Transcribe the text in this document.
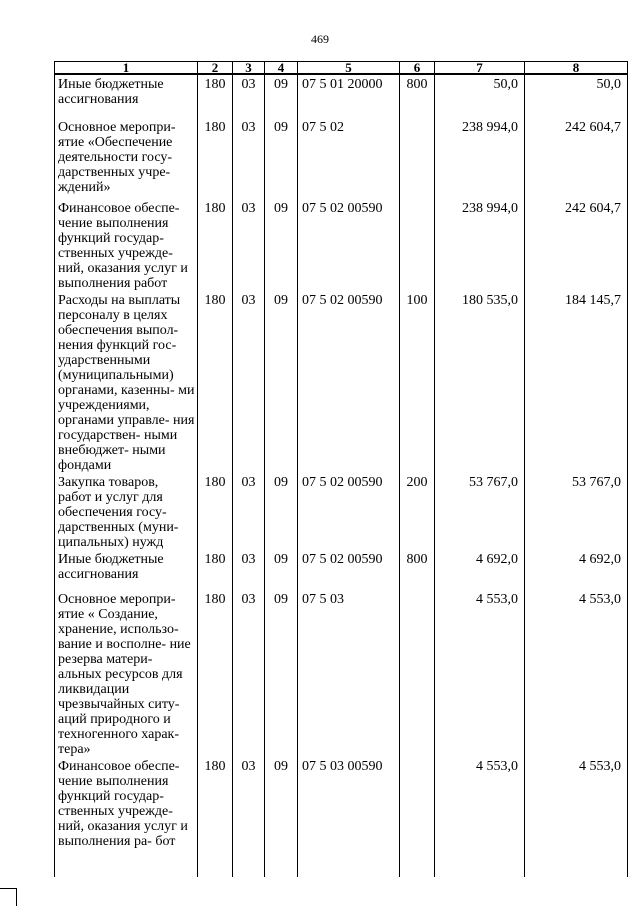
469
1	2	3	4	5	6	7	8
Иные бюджетные ассигнования	180	03	09	07 5 01 20000	800	50,0	50,0
Основное меропри- ятие «Обеспечение деятельности госу- дарственных учре- ждений»	180	03	09	07 5 02		238 994,0	242 604,7
Финансовое обеспе- чение выполнения функций государ- ственных учрежде- ний, оказания услуг и выполнения работ	180	03	09	07 5 02 00590		238 994,0	242 604,7
Расходы на выплаты персоналу в целях обеспечения выпол- нения функций гос- ударственными (муниципальными) органами, казенны- ми учреждениями, органами управле- ния государствен- ными внебюджет- ными фондами	180	03	09	07 5 02 00590	100	180 535,0	184 145,7
Закупка товаров, работ и услуг для обеспечения госу- дарственных (муни- ципальных) нужд	180	03	09	07 5 02 00590	200	53 767,0	53 767,0
Иные бюджетные ассигнования	180	03	09	07 5 02 00590	800	4 692,0	4 692,0
Основное меропри- ятие « Создание, хранение, использо- вание и восполне- ние резерва матери- альных ресурсов для ликвидации чрезвычайных ситу- аций природного и техногенного харак- тера»	180	03	09	07 5 03		4 553,0	4 553,0
Финансовое обеспе- чение выполнения функций государ- ственных учрежде- ний, оказания услуг и выполнения ра- бот	180	03	09	07 5 03 00590		4 553,0	4 553,0
